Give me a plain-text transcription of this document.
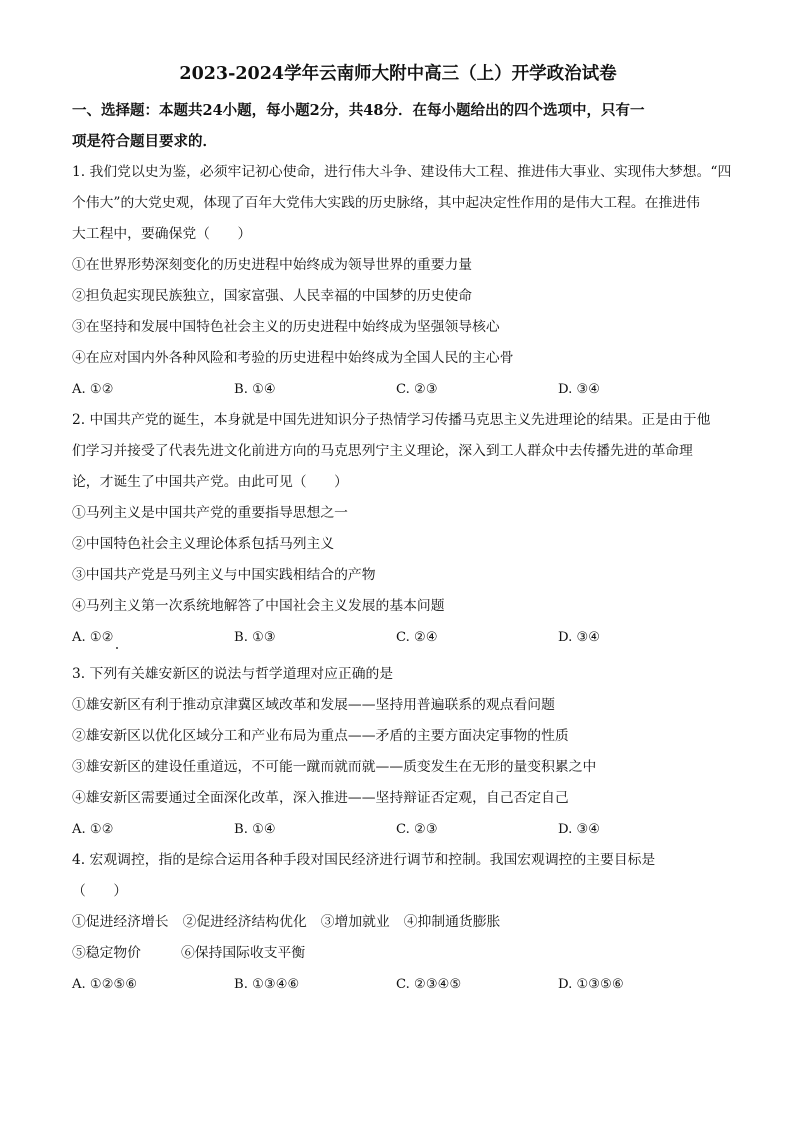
2023-2024学年云南师大附中高三（上）开学政治试卷
一、选择题：本题共24小题，每小题2分，共48分．在每小题给出的四个选项中，只有一
项是符合题目要求的．
1. 我们党以史为鉴，必须牢记初心使命，进行伟大斗争、建设伟大工程、推进伟大事业、实现伟大梦想。“四
个伟大”的大党史观，体现了百年大党伟大实践的历史脉络，其中起决定性作用的是伟大工程。在推进伟
大工程中，要确保党（　　）
①在世界形势深刻变化的历史进程中始终成为领导世界的重要力量
②担负起实现民族独立，国家富强、人民幸福的中国梦的历史使命
③在坚持和发展中国特色社会主义的历史进程中始终成为坚强领导核心
④在应对国内外各种风险和考验的历史进程中始终成为全国人民的主心骨
A. ①②	B. ①④	C. ②③	D. ③④
2. 中国共产党的诞生，本身就是中国先进知识分子热情学习传播马克思主义先进理论的结果。正是由于他
们学习并接受了代表先进文化前进方向的马克思列宁主义理论，深入到工人群众中去传播先进的革命理
论，才诞生了中国共产党。由此可见（　　）
①马列主义是中国共产党的重要指导思想之一
②中国特色社会主义理论体系包括马列主义
③中国共产党是马列主义与中国实践相结合的产物
④马列主义第一次系统地解答了中国社会主义发展的基本问题
A. ①②	B. ①③	C. ②④	D. ③④
3. 下列有关雄安新区的说法与哲学道理对应正确的是
①雄安新区有利于推动京津冀区域改革和发展——坚持用普遍联系的观点看问题
②雄安新区以优化区域分工和产业布局为重点——矛盾的主要方面决定事物的性质
③雄安新区的建设任重道远，不可能一蹴而就而就——质变发生在无形的量变积累之中
④雄安新区需要通过全面深化改革，深入推进——坚持辩证否定观，自己否定自己
A. ①②	B. ①④	C. ②③	D. ③④
4. 宏观调控，指的是综合运用各种手段对国民经济进行调节和控制。我国宏观调控的主要目标是
（　　）
①促进经济增长 ②促进经济结构优化 ③增加就业 ④抑制通货膨胀
⑤稳定物价	⑥保持国际收支平衡
A. ①②⑤⑥	B. ①③④⑥	C. ②③④⑤	D. ①③⑤⑥
